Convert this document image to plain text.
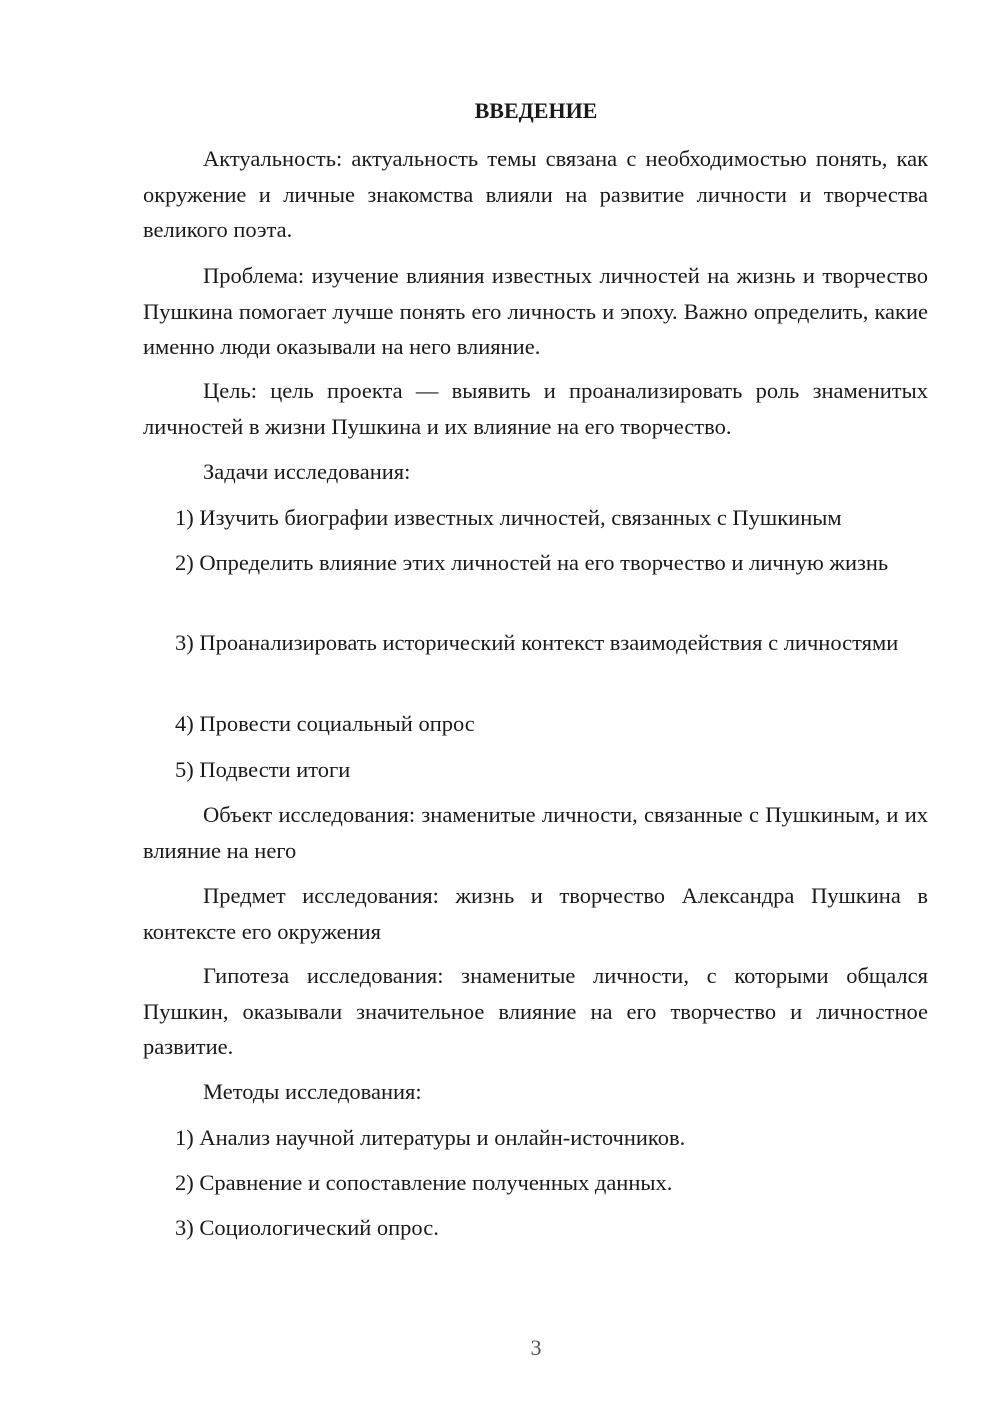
ВВЕДЕНИЕ

Актуальность: актуальность темы связана с необходимостью понять, как окружение и личные знакомства влияли на развитие личности и творчества великого поэта.

Проблема: изучение влияния известных личностей на жизнь и творчество Пушкина помогает лучше понять его личность и эпоху. Важно определить, какие именно люди оказывали на него влияние.

Цель: цель проекта — выявить и проанализировать роль знаменитых личностей в жизни Пушкина и их влияние на его творчество.

Задачи исследования:

1) Изучить биографии известных личностей, связанных с Пушкиным

2) Определить влияние этих личностей на его творчество и личную жизнь

3) Проанализировать исторический контекст взаимодействия с личностями

4) Провести социальный опрос

5) Подвести итоги

Объект исследования: знаменитые личности, связанные с Пушкиным, и их влияние на него

Предмет исследования: жизнь и творчество Александра Пушкина в контексте его окружения

Гипотеза исследования: знаменитые личности, с которыми общался Пушкин, оказывали значительное влияние на его творчество и личностное развитие.

Методы исследования:

1) Анализ научной литературы и онлайн-источников.

2) Сравнение и сопоставление полученных данных.

3) Социологический опрос.

3
